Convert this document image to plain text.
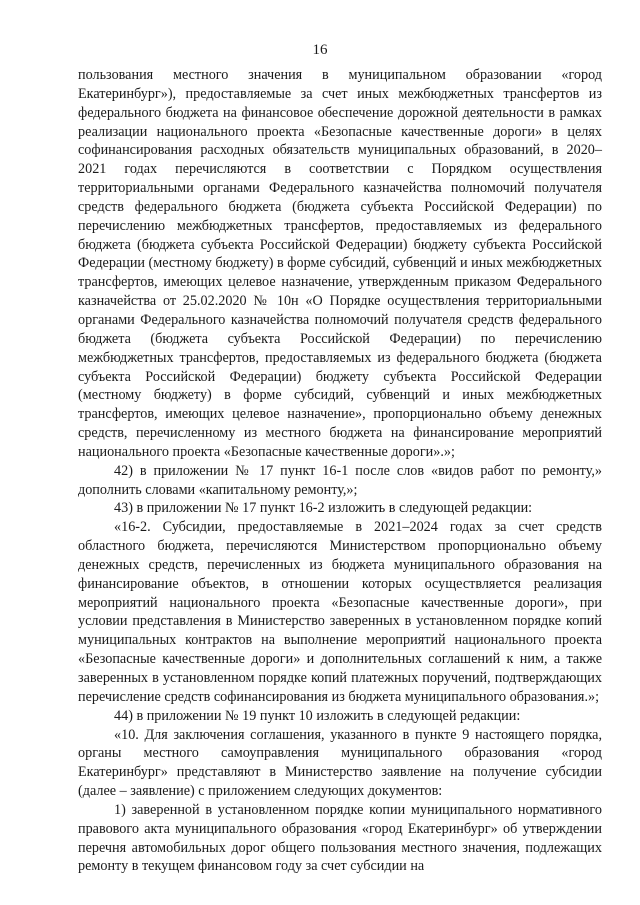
16

пользования местного значения в муниципальном образовании «город Екатеринбург»), предоставляемые за счет иных межбюджетных трансфертов из федерального бюджета на финансовое обеспечение дорожной деятельности в рамках реализации национального проекта «Безопасные качественные дороги» в целях софинансирования расходных обязательств муниципальных образований, в 2020–2021 годах перечисляются в соответствии с Порядком осуществления территориальными органами Федерального казначейства полномочий получателя средств федерального бюджета (бюджета субъекта Российской Федерации) по перечислению межбюджетных трансфертов, предоставляемых из федерального бюджета (бюджета субъекта Российской Федерации) бюджету субъекта Российской Федерации (местному бюджету) в форме субсидий, субвенций и иных межбюджетных трансфертов, имеющих целевое назначение, утвержденным приказом Федерального казначейства от 25.02.2020 № 10н «О Порядке осуществления территориальными органами Федерального казначейства полномочий получателя средств федерального бюджета (бюджета субъекта Российской Федерации) по перечислению межбюджетных трансфертов, предоставляемых из федерального бюджета (бюджета субъекта Российской Федерации) бюджету субъекта Российской Федерации (местному бюджету) в форме субсидий, субвенций и иных межбюджетных трансфертов, имеющих целевое назначение», пропорционально объему денежных средств, перечисленному из местного бюджета на финансирование мероприятий национального проекта «Безопасные качественные дороги».»;

42) в приложении № 17 пункт 16-1 после слов «видов работ по ремонту,» дополнить словами «капитальному ремонту,»;

43) в приложении № 17 пункт 16-2 изложить в следующей редакции:

«16-2. Субсидии, предоставляемые в 2021–2024 годах за счет средств областного бюджета, перечисляются Министерством пропорционально объему денежных средств, перечисленных из бюджета муниципального образования на финансирование объектов, в отношении которых осуществляется реализация мероприятий национального проекта «Безопасные качественные дороги», при условии представления в Министерство заверенных в установленном порядке копий муниципальных контрактов на выполнение мероприятий национального проекта «Безопасные качественные дороги» и дополнительных соглашений к ним, а также заверенных в установленном порядке копий платежных поручений, подтверждающих перечисление средств софинансирования из бюджета муниципального образования.»;

44) в приложении № 19 пункт 10 изложить в следующей редакции:

«10. Для заключения соглашения, указанного в пункте 9 настоящего порядка, органы местного самоуправления муниципального образования «город Екатеринбург» представляют в Министерство заявление на получение субсидии (далее – заявление) с приложением следующих документов:

1) заверенной в установленном порядке копии муниципального нормативного правового акта муниципального образования «город Екатеринбург» об утверждении перечня автомобильных дорог общего пользования местного значения, подлежащих ремонту в текущем финансовом году за счет субсидии на
